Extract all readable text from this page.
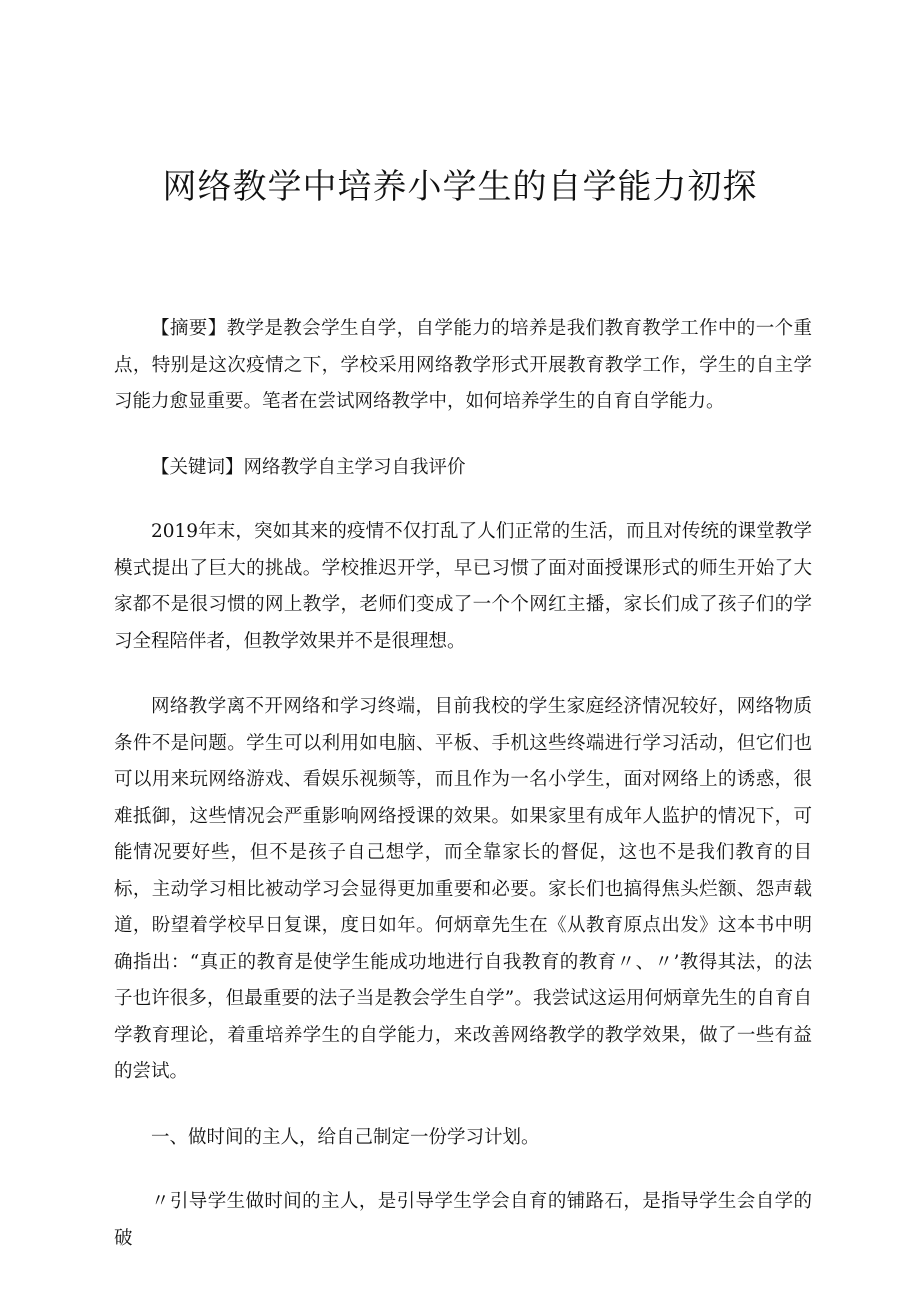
网络教学中培养小学生的自学能力初探

【摘要】教学是教会学生自学，自学能力的培养是我们教育教学工作中的一个重点，特别是这次疫情之下，学校采用网络教学形式开展教育教学工作，学生的自主学习能力愈显重要。笔者在尝试网络教学中，如何培养学生的自育自学能力。

【关键词】网络教学自主学习自我评价

2019年末，突如其来的疫情不仅打乱了人们正常的生活，而且对传统的课堂教学模式提出了巨大的挑战。学校推迟开学，早已习惯了面对面授课形式的师生开始了大家都不是很习惯的网上教学，老师们变成了一个个网红主播，家长们成了孩子们的学习全程陪伴者，但教学效果并不是很理想。

网络教学离不开网络和学习终端，目前我校的学生家庭经济情况较好，网络物质条件不是问题。学生可以利用如电脑、平板、手机这些终端进行学习活动，但它们也可以用来玩网络游戏、看娱乐视频等，而且作为一名小学生，面对网络上的诱惑，很难抵御，这些情况会严重影响网络授课的效果。如果家里有成年人监护的情况下，可能情况要好些，但不是孩子自己想学，而全靠家长的督促，这也不是我们教育的目标，主动学习相比被动学习会显得更加重要和必要。家长们也搞得焦头烂额、怨声载道，盼望着学校早日复课，度日如年。何炳章先生在《从教育原点出发》这本书中明确指出：“真正的教育是使学生能成功地进行自我教育的教育〃、〃’教得其法，的法子也许很多，但最重要的法子当是教会学生自学”。我尝试这运用何炳章先生的自育自学教育理论，着重培养学生的自学能力，来改善网络教学的教学效果，做了一些有益的尝试。

一、做时间的主人，给自己制定一份学习计划。

〃引导学生做时间的主人，是引导学生学会自育的铺路石，是指导学生会自学的破
